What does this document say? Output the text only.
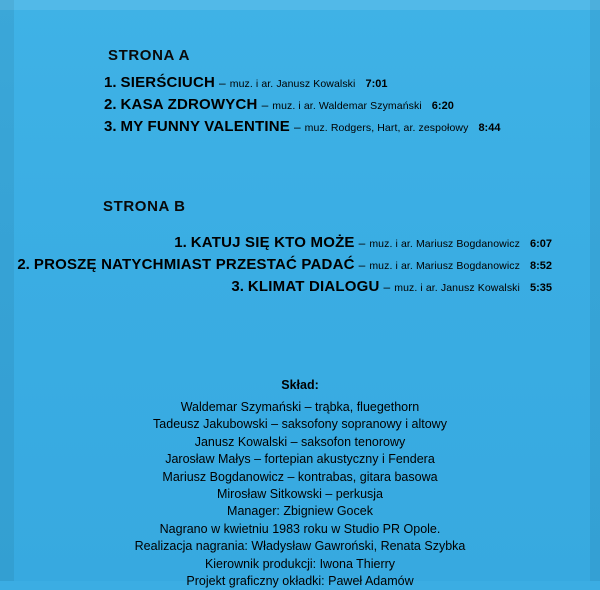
STRONA A
1. SIERŚCIUCH – muz. i ar. Janusz Kowalski 7:01
2. KASA ZDROWYCH – muz. i ar. Waldemar Szymański 6:20
3. MY FUNNY VALENTINE – muz. Rodgers, Hart, ar. zespołowy 8:44
STRONA B
1. KATUJ SIĘ KTO MOŻE – muz. i ar. Mariusz Bogdanowicz 6:07
2. PROSZĘ NATYCHMIAST PRZESTAĆ PADAĆ – muz. i ar. Mariusz Bogdanowicz 8:52
3. KLIMAT DIALOGU – muz. i ar. Janusz Kowalski 5:35
Skład:
Waldemar Szymański – trąbka, fluegethorn
Tadeusz Jakubowski – saksofony sopranowy i altowy
Janusz Kowalski – saksofon tenorowy
Jarosław Małys – fortepian akustyczny i Fendera
Mariusz Bogdanowicz – kontrabas, gitara basowa
Mirosław Sitkowski – perkusja
Manager: Zbigniew Gocek
Nagrano w kwietniu 1983 roku w Studio PR Opole.
Realizacja nagrania: Władysław Gawroński, Renata Szybka
Kierownik produkcji: Iwona Thierry
Projekt graficzny okładki: Paweł Adamów
